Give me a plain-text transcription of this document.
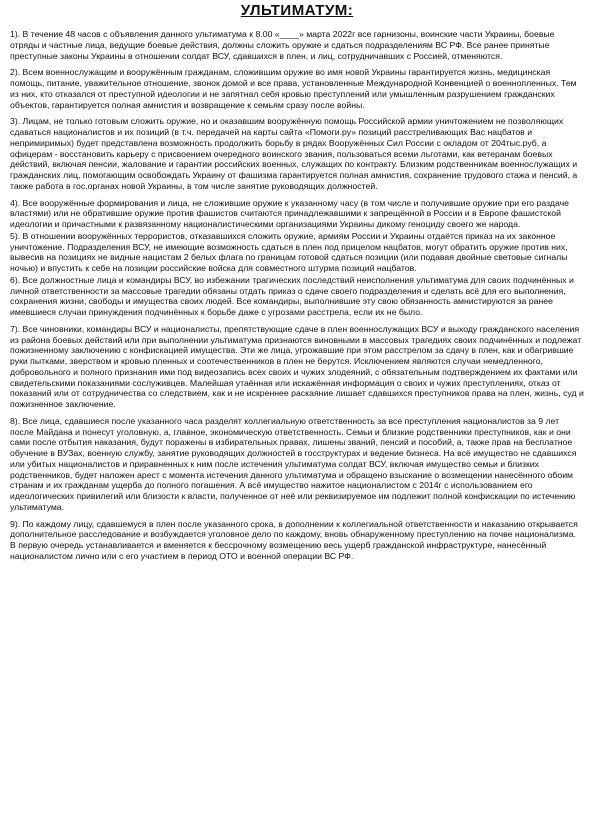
УЛЬТИМАТУМ:

1). В течение 48 часов с объявления данного ультиматума к 8.00 «____» марта 2022г все гарнизоны, воинские части Украины, боевые отряды и частные лица, ведущие боевые действия, должны сложить оружие и сдаться подразделениям ВС РФ. Все ранее принятые преступные законы Украины в отношении солдат ВСУ, сдавшихся в плен, и лиц, сотрудничавших с Россией, отменяются.

2). Всем военнослужащим и вооружённым гражданам, сложившим оружие во имя новой Украины гарантируется жизнь, медицинская помощь, питание, уважительное отношение, звонок домой и все права, установленные Международной Конвенцией о военнопленных. Тем из них, кто отказался от преступной идеологии и не запятнал себя кровью преступлений или умышленным разрушением гражданских объектов, гарантируется полная амнистия и возвращение к семьям сразу после войны.

3). Лицам, не только готовым сложить оружие, но и оказавшим вооружённую помощь Российской армии уничтожением не позволяющих сдаваться националистов и их позиций (в т.ч. передачей на карты сайта «Помоги.ру» позиций расстреливающих Вас нацбатов и непримиримых) будет представлена возможность продолжить борьбу в рядах Вооружённых Сил России с окладом от 204тыс.руб, а офицерам - восстановить карьеру с присвоением очередного воинского звания, пользоваться всеми льготами, как ветеранам боевых действий, включая пенсии, жалование и гарантии российских военных, служащих по контракту. Близким родственникам военнослужащих и гражданских лиц, помогающим освобождать Украину от фашизма гарантируется полная амнистия, сохранение трудового стажа и пенсий, а также работа в гос.органах новой Украины, в том числе занятие руководящих должностей.

4). Все вооружённые формирования и лица, не сложившие оружие к указанному часу (в том числе и получившие оружие при его раздаче властями) или не обратившие оружие против фашистов считаются принадлежавшими к запрещённой в России и в Европе фашистской идеологии и причастными к развязанному националистическими организациями Украины дикому геноциду своего же народа.

5). В отношении вооружённых террористов, отказавшихся сложить оружие, армиям России и Украины отдаётся приказ на их законное уничтожение. Подразделения ВСУ, не имеющие возможность сдаться в плен под прицелом нацбатов, могут обратить оружие против них, вывесив на позициях не видные нацистам 2 белых флага по границам готовой сдаться позиции (или подавая двойные световые сигналы ночью) и впустить к себе на позиции российские войска для совместного штурма позиций нацбатов.

6). Все должностные лица и командиры ВСУ, во избежании трагических последствий неисполнения ультиматума для своих подчинённых и личной ответственности за массовые трагедии обязаны отдать приказ о сдаче своего подразделения и сделать всё для его выполнения, сохранения жизни, свободы и имущества своих людей. Все командиры, выполнившие эту свою обязанность амнистируются за ранее имевшиеся случаи принуждения подчинённых к борьбе даже с угрозами расстрела, если их не было.

7). Все чиновники, командиры ВСУ и националисты, препятствующие сдаче в плен военнослужащих ВСУ и выходу гражданского населения из района боевых действий или при выполнении ультиматума признаются виновными в массовых трагедиях своих подчинённых и подлежат пожизненному заключению с конфискацией имущества. Эти же лица, угрожавшие при этом расстрелом за сдачу в плен, как и обагрившие руки пытками, зверством и кровью пленных и соотечественников в плен не берутся. Исключением являются случаи немедленного, добровольного и полного признания ими под видеозапись всех своих и чужих злодеяний, с обязательным подтверждением их фактами или свидетельскими показаниями сослуживцев. Малейшая утаённая или искажённая информация о своих и чужих преступлениях, отказ от показаний или от сотрудничества со следствием, как и не искреннее раскаяние лишает сдавшихся преступников права на плен, жизнь, суд и пожизненное заключение.

8). Все лица, сдавшиеся после указанного часа разделят коллегиальную ответственность за все преступления националистов за 9 лет после Майдана и понесут уголовную, а, главное, экономическую ответственность. Семьи и близкие родственники преступников, как и они сами после отбытия наказания, будут поражены в избирательных правах, лишены званий, пенсий и пособий, а, также прав на бесплатное обучение в ВУЗах, военную службу, занятие руководящих должностей в госструктурах и ведение бизнеса. На всё имущество не сдавшихся или убитых националистов и приравненных к ним после истечения ультиматума солдат ВСУ, включая имущество семьи и близких родственников, будет наложен арест с момента истечения данного ультиматума и обращено взыскание о возмещении нанесённого обоим странам и их гражданам ущерба до полного погашения. А всё имущество нажитое националистом с 2014г с использованием его идеологических привилегий или близости к власти, полученное от неё или реквизируемое им подлежит полной конфискации по истечению ультиматума.

9). По каждому лицу, сдавшемуся в плен после указанного срока, в дополнении к коллегиальной ответственности и наказанию открывается дополнительное расследование и возбуждается уголовное дело по каждому, вновь обнаруженному преступлению на почве национализма. В первую очередь устанавливается и вменяется к бессрочному возмещению весь ущерб гражданской инфраструктуре, нанесённый националистом лично или с его участием в период ОТО и военной операции ВС РФ.
